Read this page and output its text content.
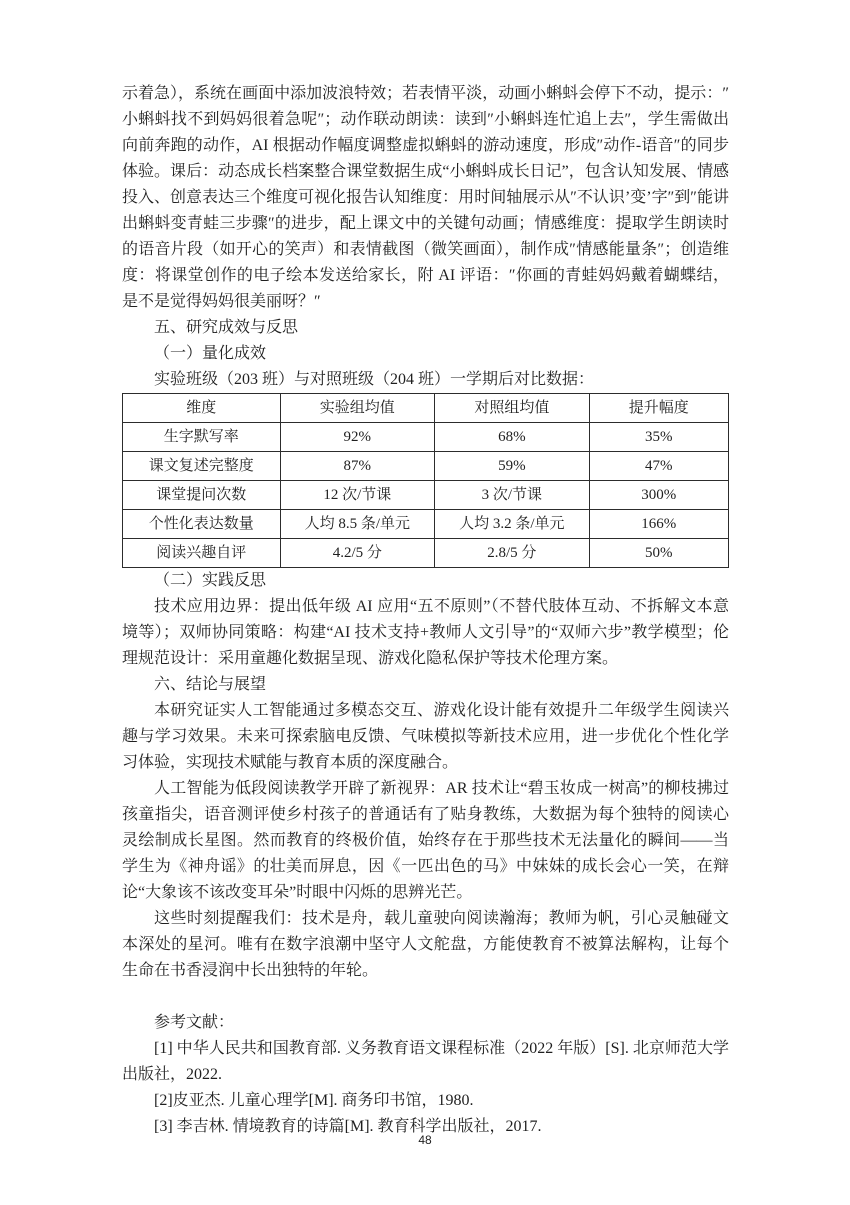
示着急），系统在画面中添加波浪特效；若表情平淡，动画小蝌蚪会停下不动，提示：″小蝌蚪找不到妈妈很着急呢″；动作联动朗读：读到″小蝌蚪连忙追上去″，学生需做出向前奔跑的动作，AI 根据动作幅度调整虚拟蝌蚪的游动速度，形成″动作-语音″的同步体验。课后：动态成长档案整合课堂数据生成“小蝌蚪成长日记”，包含认知发展、情感投入、创意表达三个维度可视化报告认知维度：用时间轴展示从″不认识’变’字″到″能讲出蝌蚪变青蛙三步骤″的进步，配上课文中的关键句动画；情感维度：提取学生朗读时的语音片段（如开心的笑声）和表情截图（微笑画面），制作成″情感能量条″；创造维度：将课堂创作的电子绘本发送给家长，附 AI 评语：″你画的青蛙妈妈戴着蝴蝶结，是不是觉得妈妈很美丽呀？″

五、研究成效与反思

（一）量化成效

实验班级（203 班）与对照班级（204 班）一学期后对比数据：

维度	实验组均值	对照组均值	提升幅度
生字默写率	92%	68%	35%
课文复述完整度	87%	59%	47%
课堂提问次数	12 次/节课	3 次/节课	300%
个性化表达数量	人均 8.5 条/单元	人均 3.2 条/单元	166%
阅读兴趣自评	4.2/5 分	2.8/5 分	50%

（二）实践反思

技术应用边界：提出低年级 AI 应用“五不原则”（不替代肢体互动、不拆解文本意境等）；双师协同策略：构建“AI 技术支持+教师人文引导”的“双师六步”教学模型；伦理规范设计：采用童趣化数据呈现、游戏化隐私保护等技术伦理方案。

六、结论与展望

本研究证实人工智能通过多模态交互、游戏化设计能有效提升二年级学生阅读兴趣与学习效果。未来可探索脑电反馈、气味模拟等新技术应用，进一步优化个性化学习体验，实现技术赋能与教育本质的深度融合。

人工智能为低段阅读教学开辟了新视界：AR 技术让“碧玉妆成一树高”的柳枝拂过孩童指尖，语音测评使乡村孩子的普通话有了贴身教练，大数据为每个独特的阅读心灵绘制成长星图。然而教育的终极价值，始终存在于那些技术无法量化的瞬间——当学生为《神舟谣》的壮美而屏息，因《一匹出色的马》中妹妹的成长会心一笑，在辩论“大象该不该改变耳朵”时眼中闪烁的思辨光芒。

这些时刻提醒我们：技术是舟，载儿童驶向阅读瀚海；教师为帆，引心灵触碰文本深处的星河。唯有在数字浪潮中坚守人文舵盘，方能使教育不被算法解构，让每个生命在书香浸润中长出独特的年轮。

参考文献：

[1] 中华人民共和国教育部. 义务教育语文课程标准（2022 年版）[S]. 北京师范大学出版社，2022.

[2]皮亚杰. 儿童心理学[M]. 商务印书馆，1980.

[3] 李吉林. 情境教育的诗篇[M]. 教育科学出版社，2017.

48
